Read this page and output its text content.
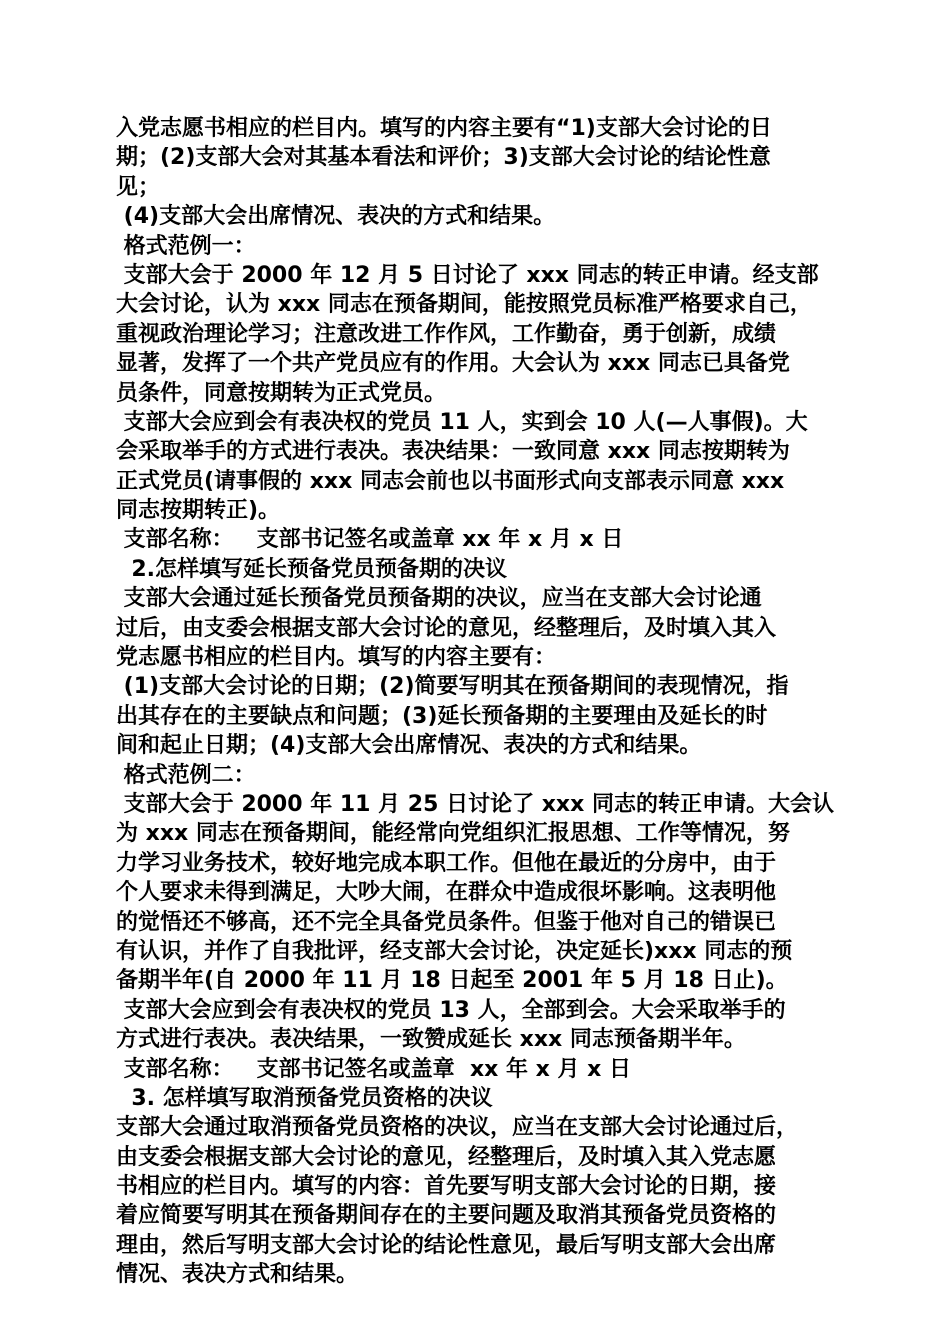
入党志愿书相应的栏目内。填写的内容主要有“1)支部大会讨论的日
期；(2)支部大会对其基本看法和评价；3)支部大会讨论的结论性意
见；
(4)支部大会出席情况、表决的方式和结果。
格式范例一：
支部大会于 2000 年 12 月 5 日讨论了 xxx 同志的转正申请。经支部
大会讨论，认为 xxx 同志在预备期间，能按照党员标准严格要求自己，
重视政治理论学习；注意改进工作作风，工作勤奋，勇于创新，成绩
显著，发挥了一个共产党员应有的作用。大会认为 xxx 同志已具备党
员条件，同意按期转为正式党员。
支部大会应到会有表决权的党员 11 人，实到会 10 人(—人事假)。大
会采取举手的方式进行表决。表决结果：一致同意 xxx 同志按期转为
正式党员(请事假的 xxx 同志会前也以书面形式向支部表示同意 xxx
同志按期转正)。
支部名称：   支部书记签名或盖章 xx 年 x 月 x 日
2.怎样填写延长预备党员预备期的决议
支部大会通过延长预备党员预备期的决议，应当在支部大会讨论通
过后，由支委会根据支部大会讨论的意见，经整理后，及时填入其入
党志愿书相应的栏目内。填写的内容主要有：
(1)支部大会讨论的日期；(2)简要写明其在预备期间的表现情况，指
出其存在的主要缺点和问题；(3)延长预备期的主要理由及延长的时
间和起止日期；(4)支部大会出席情况、表决的方式和结果。
格式范例二：
支部大会于 2000 年 11 月 25 日讨论了 xxx 同志的转正申请。大会认
为 xxx 同志在预备期间，能经常向党组织汇报思想、工作等情况，努
力学习业务技术，较好地完成本职工作。但他在最近的分房中，由于
个人要求未得到满足，大吵大闹，在群众中造成很坏影响。这表明他
的觉悟还不够高，还不完全具备党员条件。但鉴于他对自己的错误已
有认识，并作了自我批评，经支部大会讨论，决定延长)xxx 同志的预
备期半年(自 2000 年 11 月 18 日起至 2001 年 5 月 18 日止)。
支部大会应到会有表决权的党员 13 人，全部到会。大会采取举手的
方式进行表决。表决结果，一致赞成延长 xxx 同志预备期半年。
支部名称：   支部书记签名或盖章  xx 年 x 月 x 日
3. 怎样填写取消预备党员资格的决议
支部大会通过取消预备党员资格的决议，应当在支部大会讨论通过后，
由支委会根据支部大会讨论的意见，经整理后，及时填入其入党志愿
书相应的栏目内。填写的内容：首先要写明支部大会讨论的日期，接
着应简要写明其在预备期间存在的主要问题及取消其预备党员资格的
理由，然后写明支部大会讨论的结论性意见，最后写明支部大会出席
情况、表决方式和结果。
